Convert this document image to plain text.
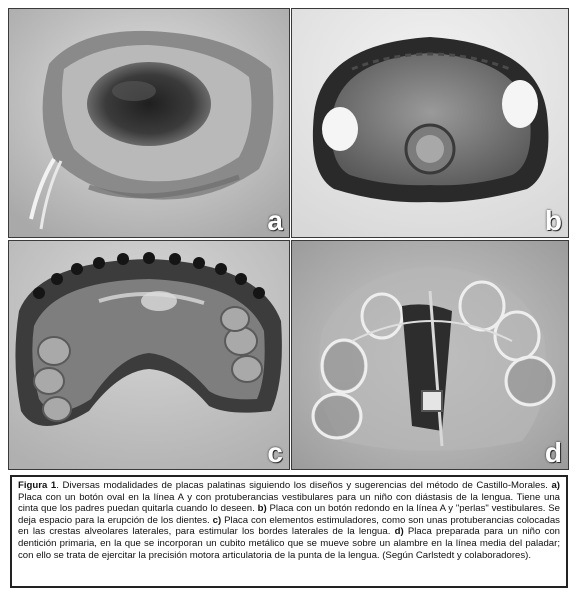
a	b
c	d

Figura 1. Diversas modalidades de placas palatinas siguiendo los diseños y sugerencias del método de Castillo-Morales. a) Placa con un botón oval en la línea A y con protuberancias vestibulares para un niño con diástasis de la lengua. Tiene una cinta que los padres puedan quitarla cuando lo deseen. b) Placa con un botón redondo en la línea A y "perlas" vestibulares. Se deja espacio para la erupción de los dientes. c) Placa con elementos estimuladores, como son unas protuberancias colocadas en las crestas alveolares laterales, para estimular los bordes laterales de la lengua. d) Placa preparada para un niño con dentición primaria, en la que se incorporan un cubito metálico que se mueve sobre un alambre en la línea media del paladar; con ello se trata de ejercitar la precisión motora articulatoria de la punta de la lengua. (Según Carlstedt y colaboradores).
